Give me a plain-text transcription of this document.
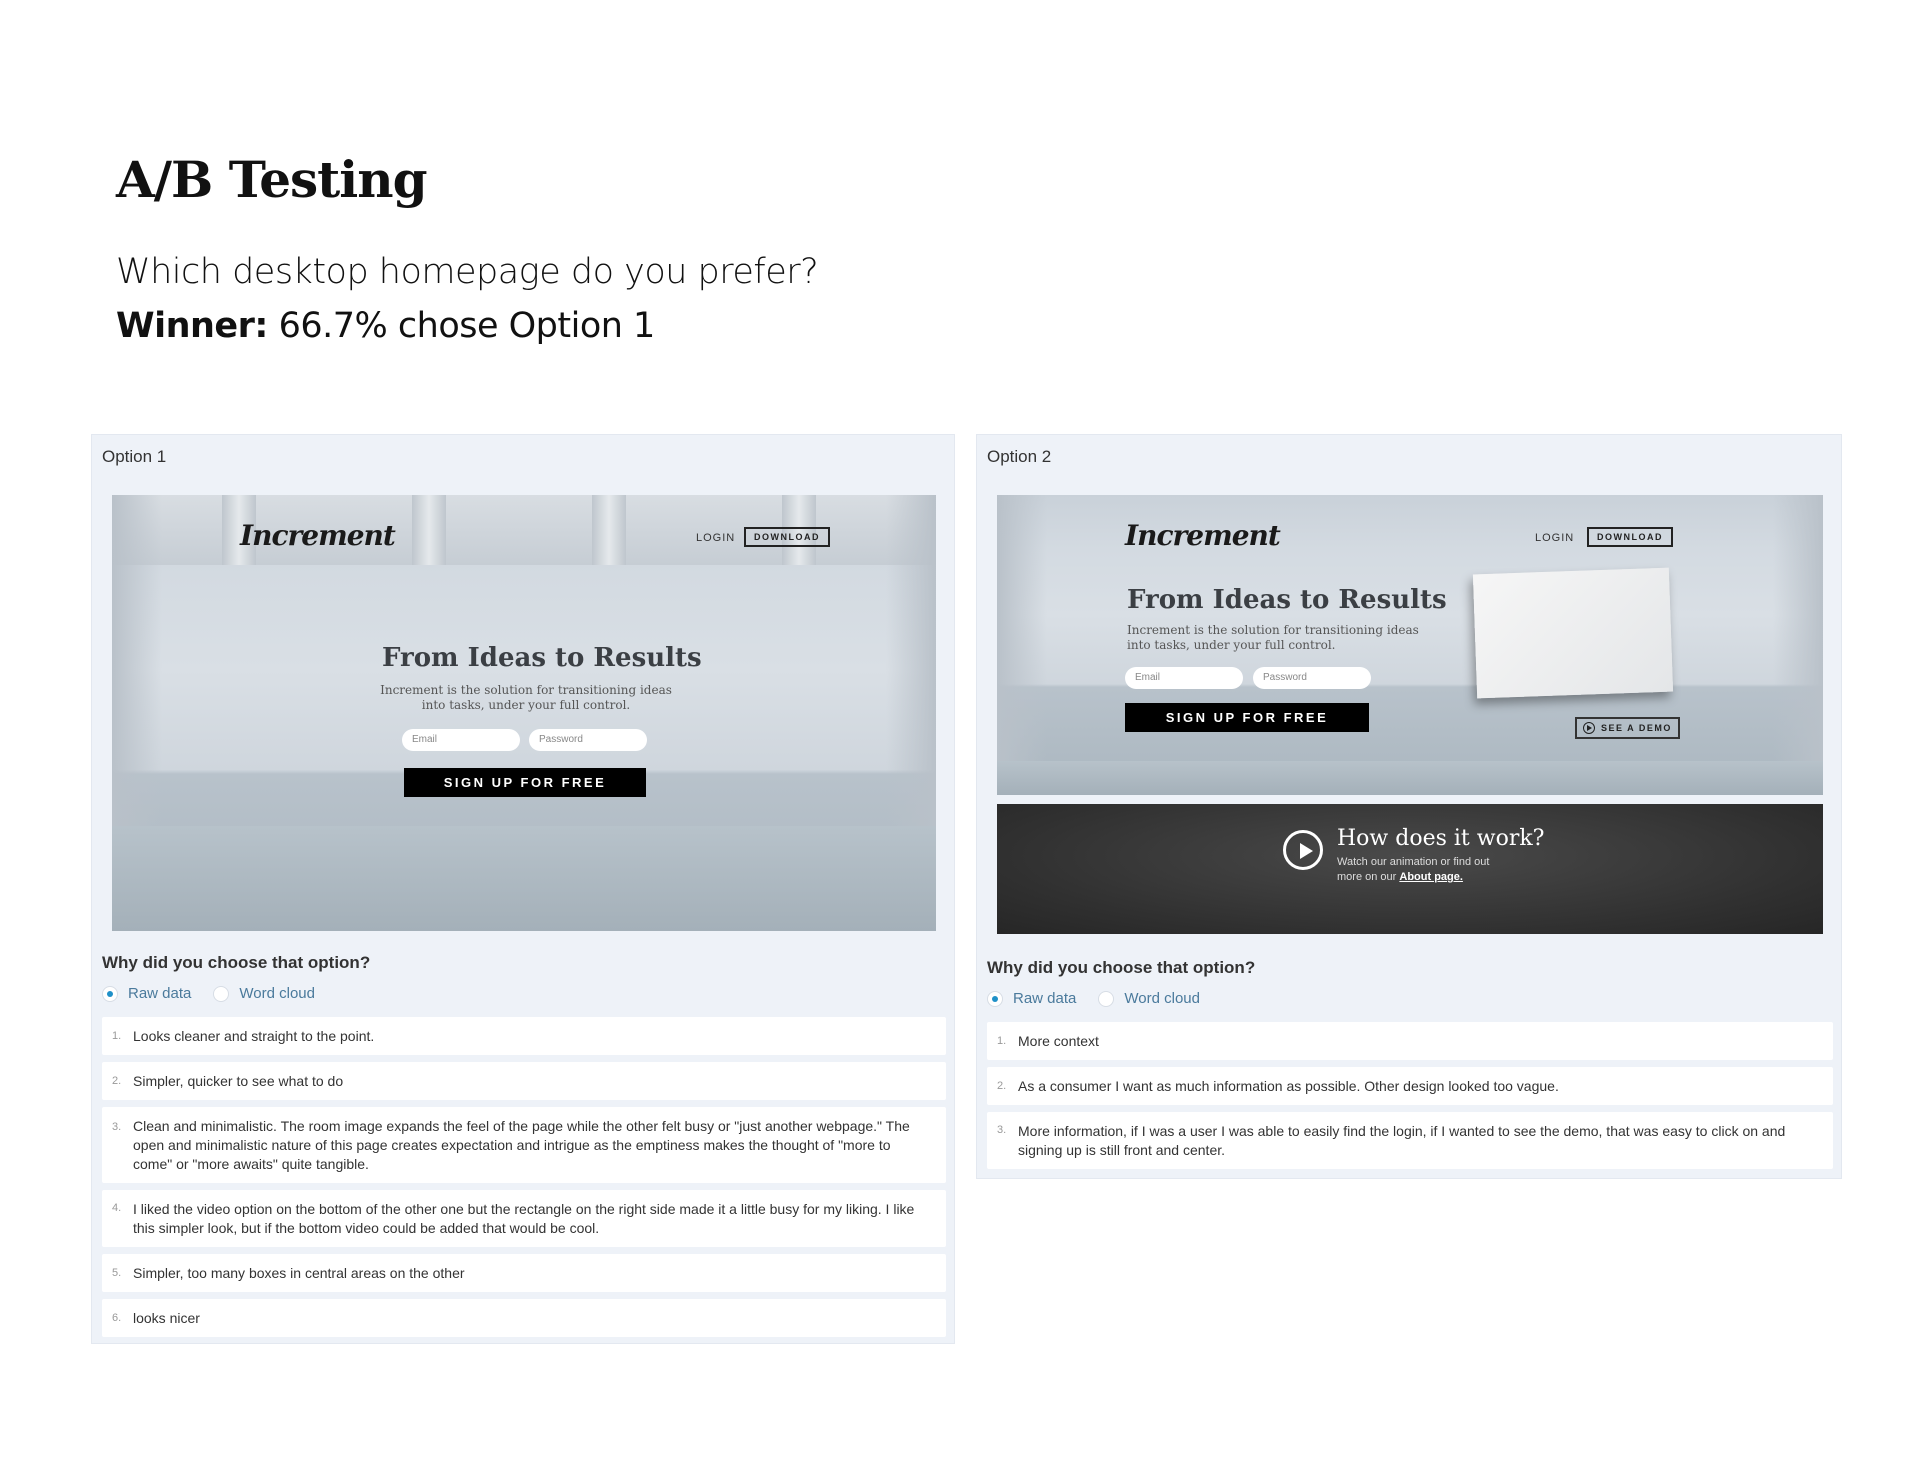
A/B Testing
Which desktop homepage do you prefer?
Winner: 66.7% chose Option 1
Option 1
Increment	LOGIN	DOWNLOAD
From Ideas to Results
Increment is the solution for transitioning ideas
into tasks, under your full control.
Email	Password
SIGN UP FOR FREE
Why did you choose that option?
Raw data	Word cloud
1. Looks cleaner and straight to the point.
2. Simpler, quicker to see what to do
3. Clean and minimalistic. The room image expands the feel of the page while the other felt busy or "just another webpage." The open and minimalistic nature of this page creates expectation and intrigue as the emptiness makes the thought of "more to come" or "more awaits" quite tangible.
4. I liked the video option on the bottom of the other one but the rectangle on the right side made it a little busy for my liking. I like this simpler look, but if the bottom video could be added that would be cool.
5. Simpler, too many boxes in central areas on the other
6. looks nicer
Option 2
Increment	LOGIN	DOWNLOAD
From Ideas to Results
Increment is the solution for transitioning ideas
into tasks, under your full control.
Email	Password
SIGN UP FOR FREE
SEE A DEMO
How does it work?
Watch our animation or find out
more on our About page.
Why did you choose that option?
Raw data	Word cloud
1. More context
2. As a consumer I want as much information as possible. Other design looked too vague.
3. More information, if I was a user I was able to easily find the login, if I wanted to see the demo, that was easy to click on and signing up is still front and center.
